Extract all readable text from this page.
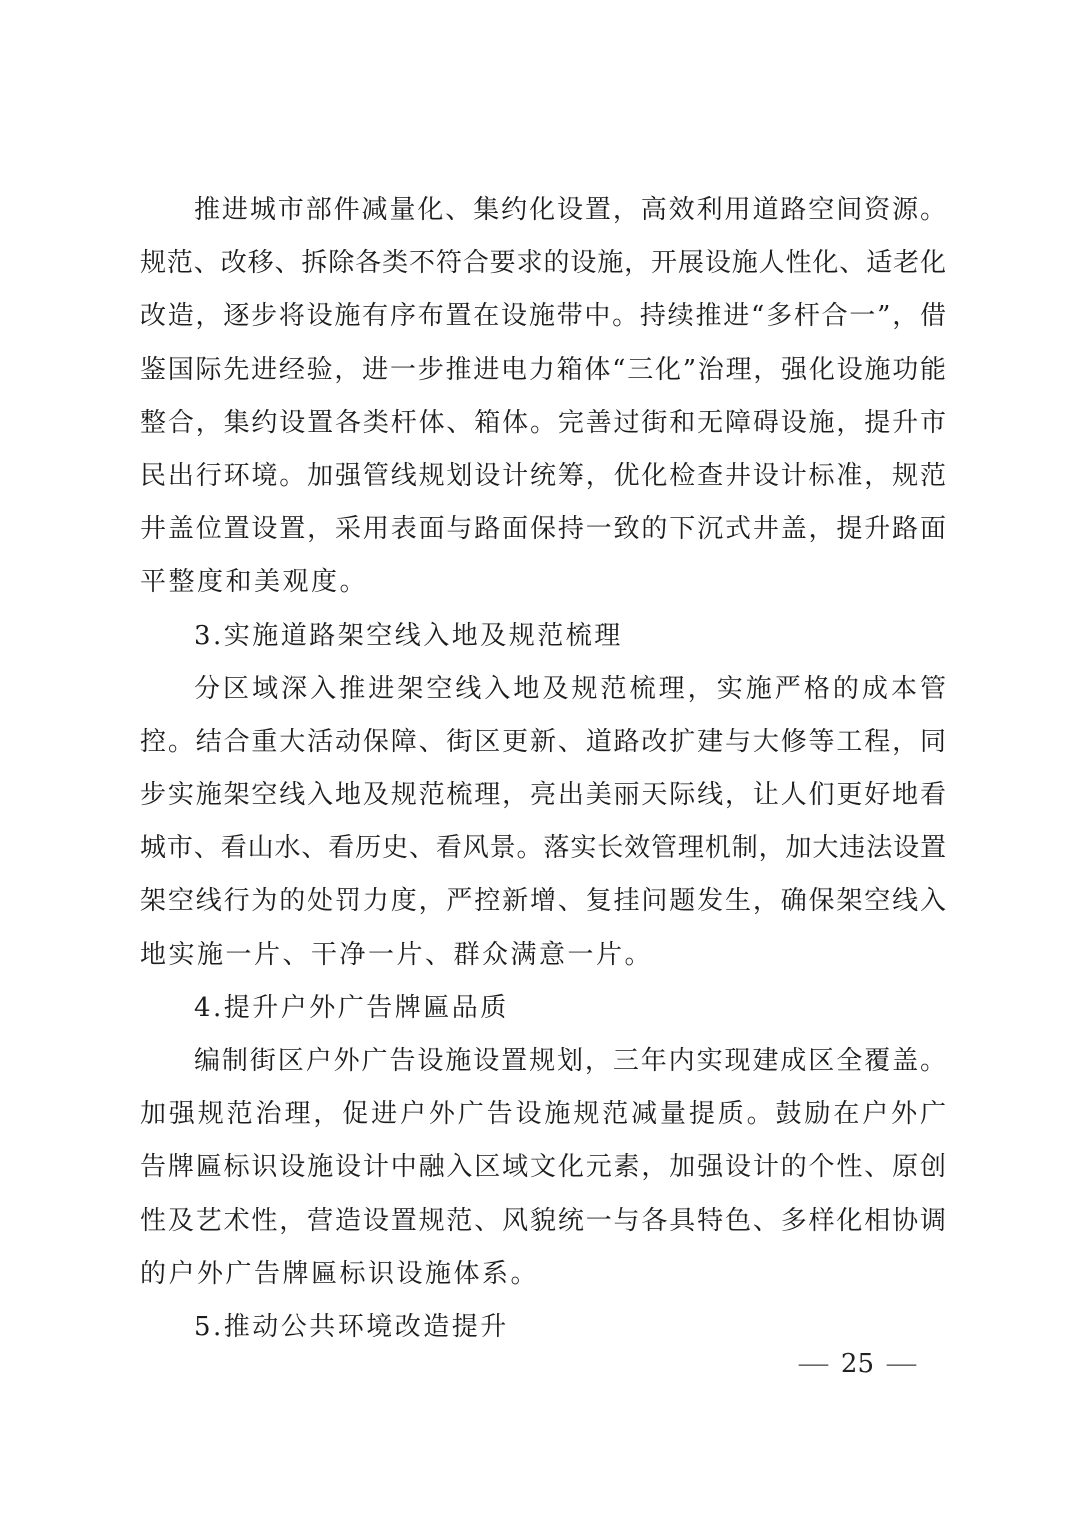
推进城市部件减量化、集约化设置，高效利用道路空间资源。
规范、改移、拆除各类不符合要求的设施，开展设施人性化、适老化
改造，逐步将设施有序布置在设施带中。持续推进“多杆合一”，借
鉴国际先进经验，进一步推进电力箱体“三化”治理，强化设施功能
整合，集约设置各类杆体、箱体。完善过街和无障碍设施，提升市
民出行环境。加强管线规划设计统筹，优化检查井设计标准，规范
井盖位置设置，采用表面与路面保持一致的下沉式井盖，提升路面
平整度和美观度。
3.实施道路架空线入地及规范梳理
分区域深入推进架空线入地及规范梳理，实施严格的成本管
控。结合重大活动保障、街区更新、道路改扩建与大修等工程，同
步实施架空线入地及规范梳理，亮出美丽天际线，让人们更好地看
城市、看山水、看历史、看风景。落实长效管理机制，加大违法设置
架空线行为的处罚力度，严控新增、复挂问题发生，确保架空线入
地实施一片、干净一片、群众满意一片。
4.提升户外广告牌匾品质
编制街区户外广告设施设置规划，三年内实现建成区全覆盖。
加强规范治理，促进户外广告设施规范减量提质。鼓励在户外广
告牌匾标识设施设计中融入区域文化元素，加强设计的个性、原创
性及艺术性，营造设置规范、风貌统一与各具特色、多样化相协调
的户外广告牌匾标识设施体系。
5.推动公共环境改造提升
— 25 —
